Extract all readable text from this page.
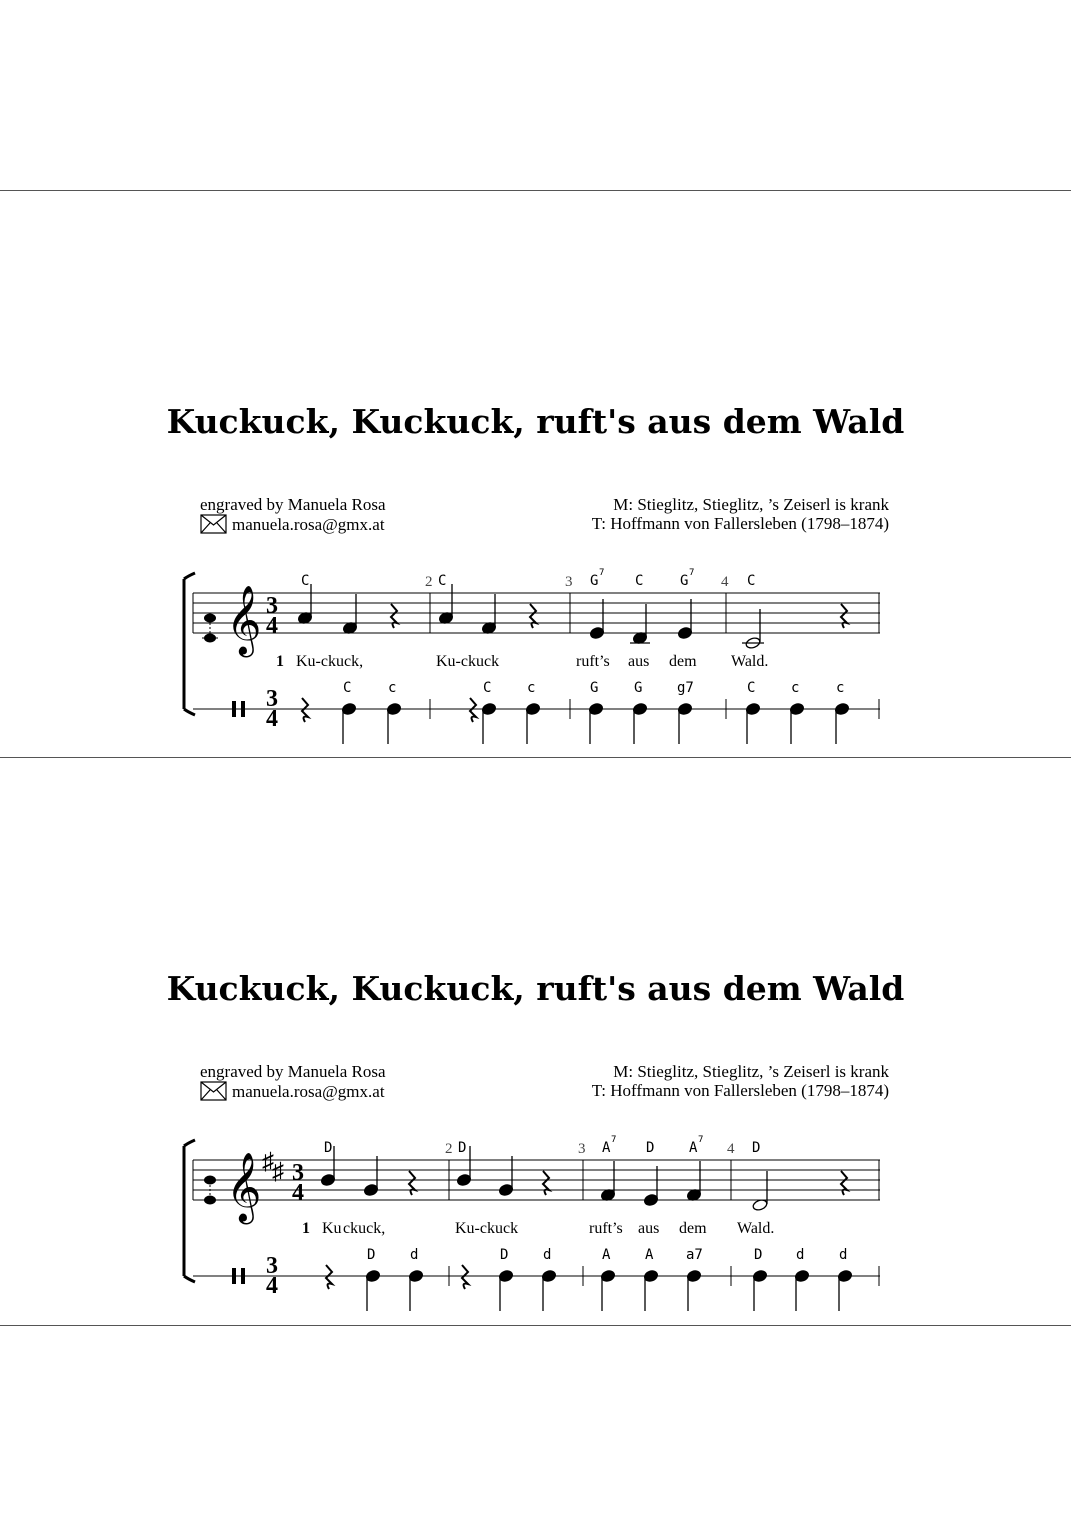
Kuckuck, Kuckuck, ruft's aus dem Wald
engraved by Manuela Rosa
manuela.rosa@gmx.at
M: Stieglitz, Stieglitz, ’s Zeiserl is krank
T: Hoffmann von Fallersleben (1798–1874)
𝄞 3
4
C	2 C	3 G 7 C	G 7
4 C
1 Ku-ckuck,	Ku-ckuck	ruft’s aus dem Wald.
3
4
C	c	C	c	G	G g7	C	c	c
Kuckuck, Kuckuck, ruft's aus dem Wald
engraved by Manuela Rosa
manuela.rosa@gmx.at
M: Stieglitz, Stieglitz, ’s Zeiserl is krank
T: Hoffmann von Fallersleben (1798–1874)
𝄞 ♯
♯ 3
4
D	2 D	3 A 7 D A 7
4 D
1 Ku ckuck,	Ku-ckuck	ruft’s aus dem Wald.
3
4
D d	D d	A A a7	D d d
